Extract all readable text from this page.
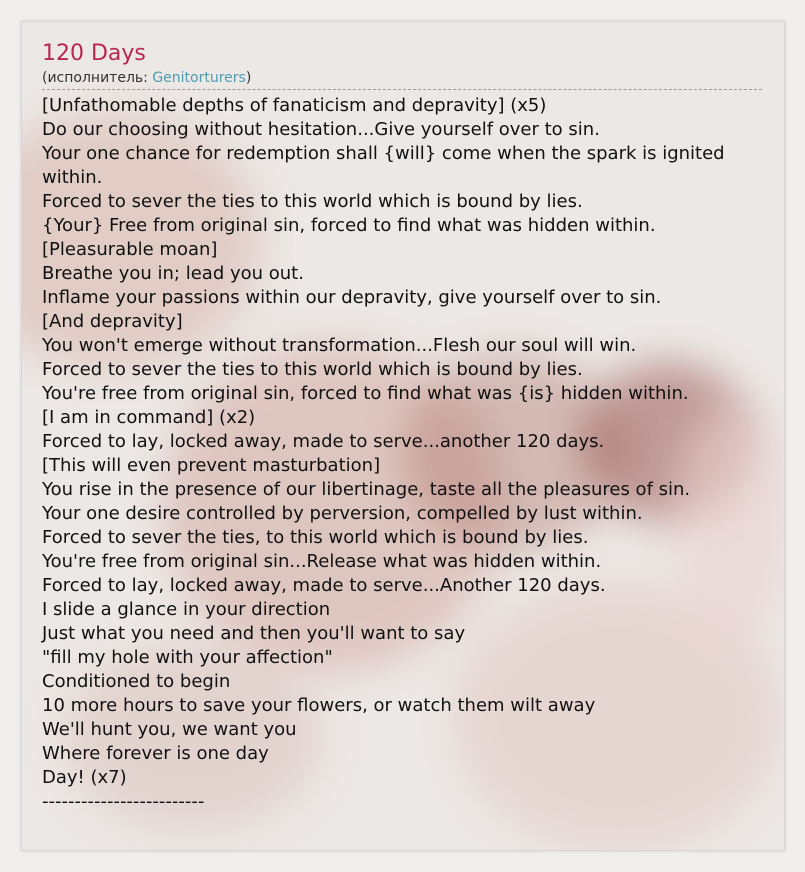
120 Days
(исполнитель: Genitorturers)
[Unfathomable depths of fanaticism and depravity] (x5)
Do our choosing without hesitation...Give yourself over to sin.
Your one chance for redemption shall {will} come when the spark is ignited within.
Forced to sever the ties to this world which is bound by lies.
{Your} Free from original sin, forced to find what was hidden within.
[Pleasurable moan]
Breathe you in; lead you out.
Inflame your passions within our depravity, give yourself over to sin.
[And depravity]
You won't emerge without transformation...Flesh our soul will win.
Forced to sever the ties to this world which is bound by lies.
You're free from original sin, forced to find what was {is} hidden within.
[I am in command] (x2)
Forced to lay, locked away, made to serve...another 120 days.
[This will even prevent masturbation]
You rise in the presence of our libertinage, taste all the pleasures of sin.
Your one desire controlled by perversion, compelled by lust within.
Forced to sever the ties, to this world which is bound by lies.
You're free from original sin...Release what was hidden within.
Forced to lay, locked away, made to serve...Another 120 days.
I slide a glance in your direction
Just what you need and then you'll want to say
"fill my hole with your affection"
Conditioned to begin
10 more hours to save your flowers, or watch them wilt away
We'll hunt you, we want you
Where forever is one day
Day! (x7)
-------------------------
